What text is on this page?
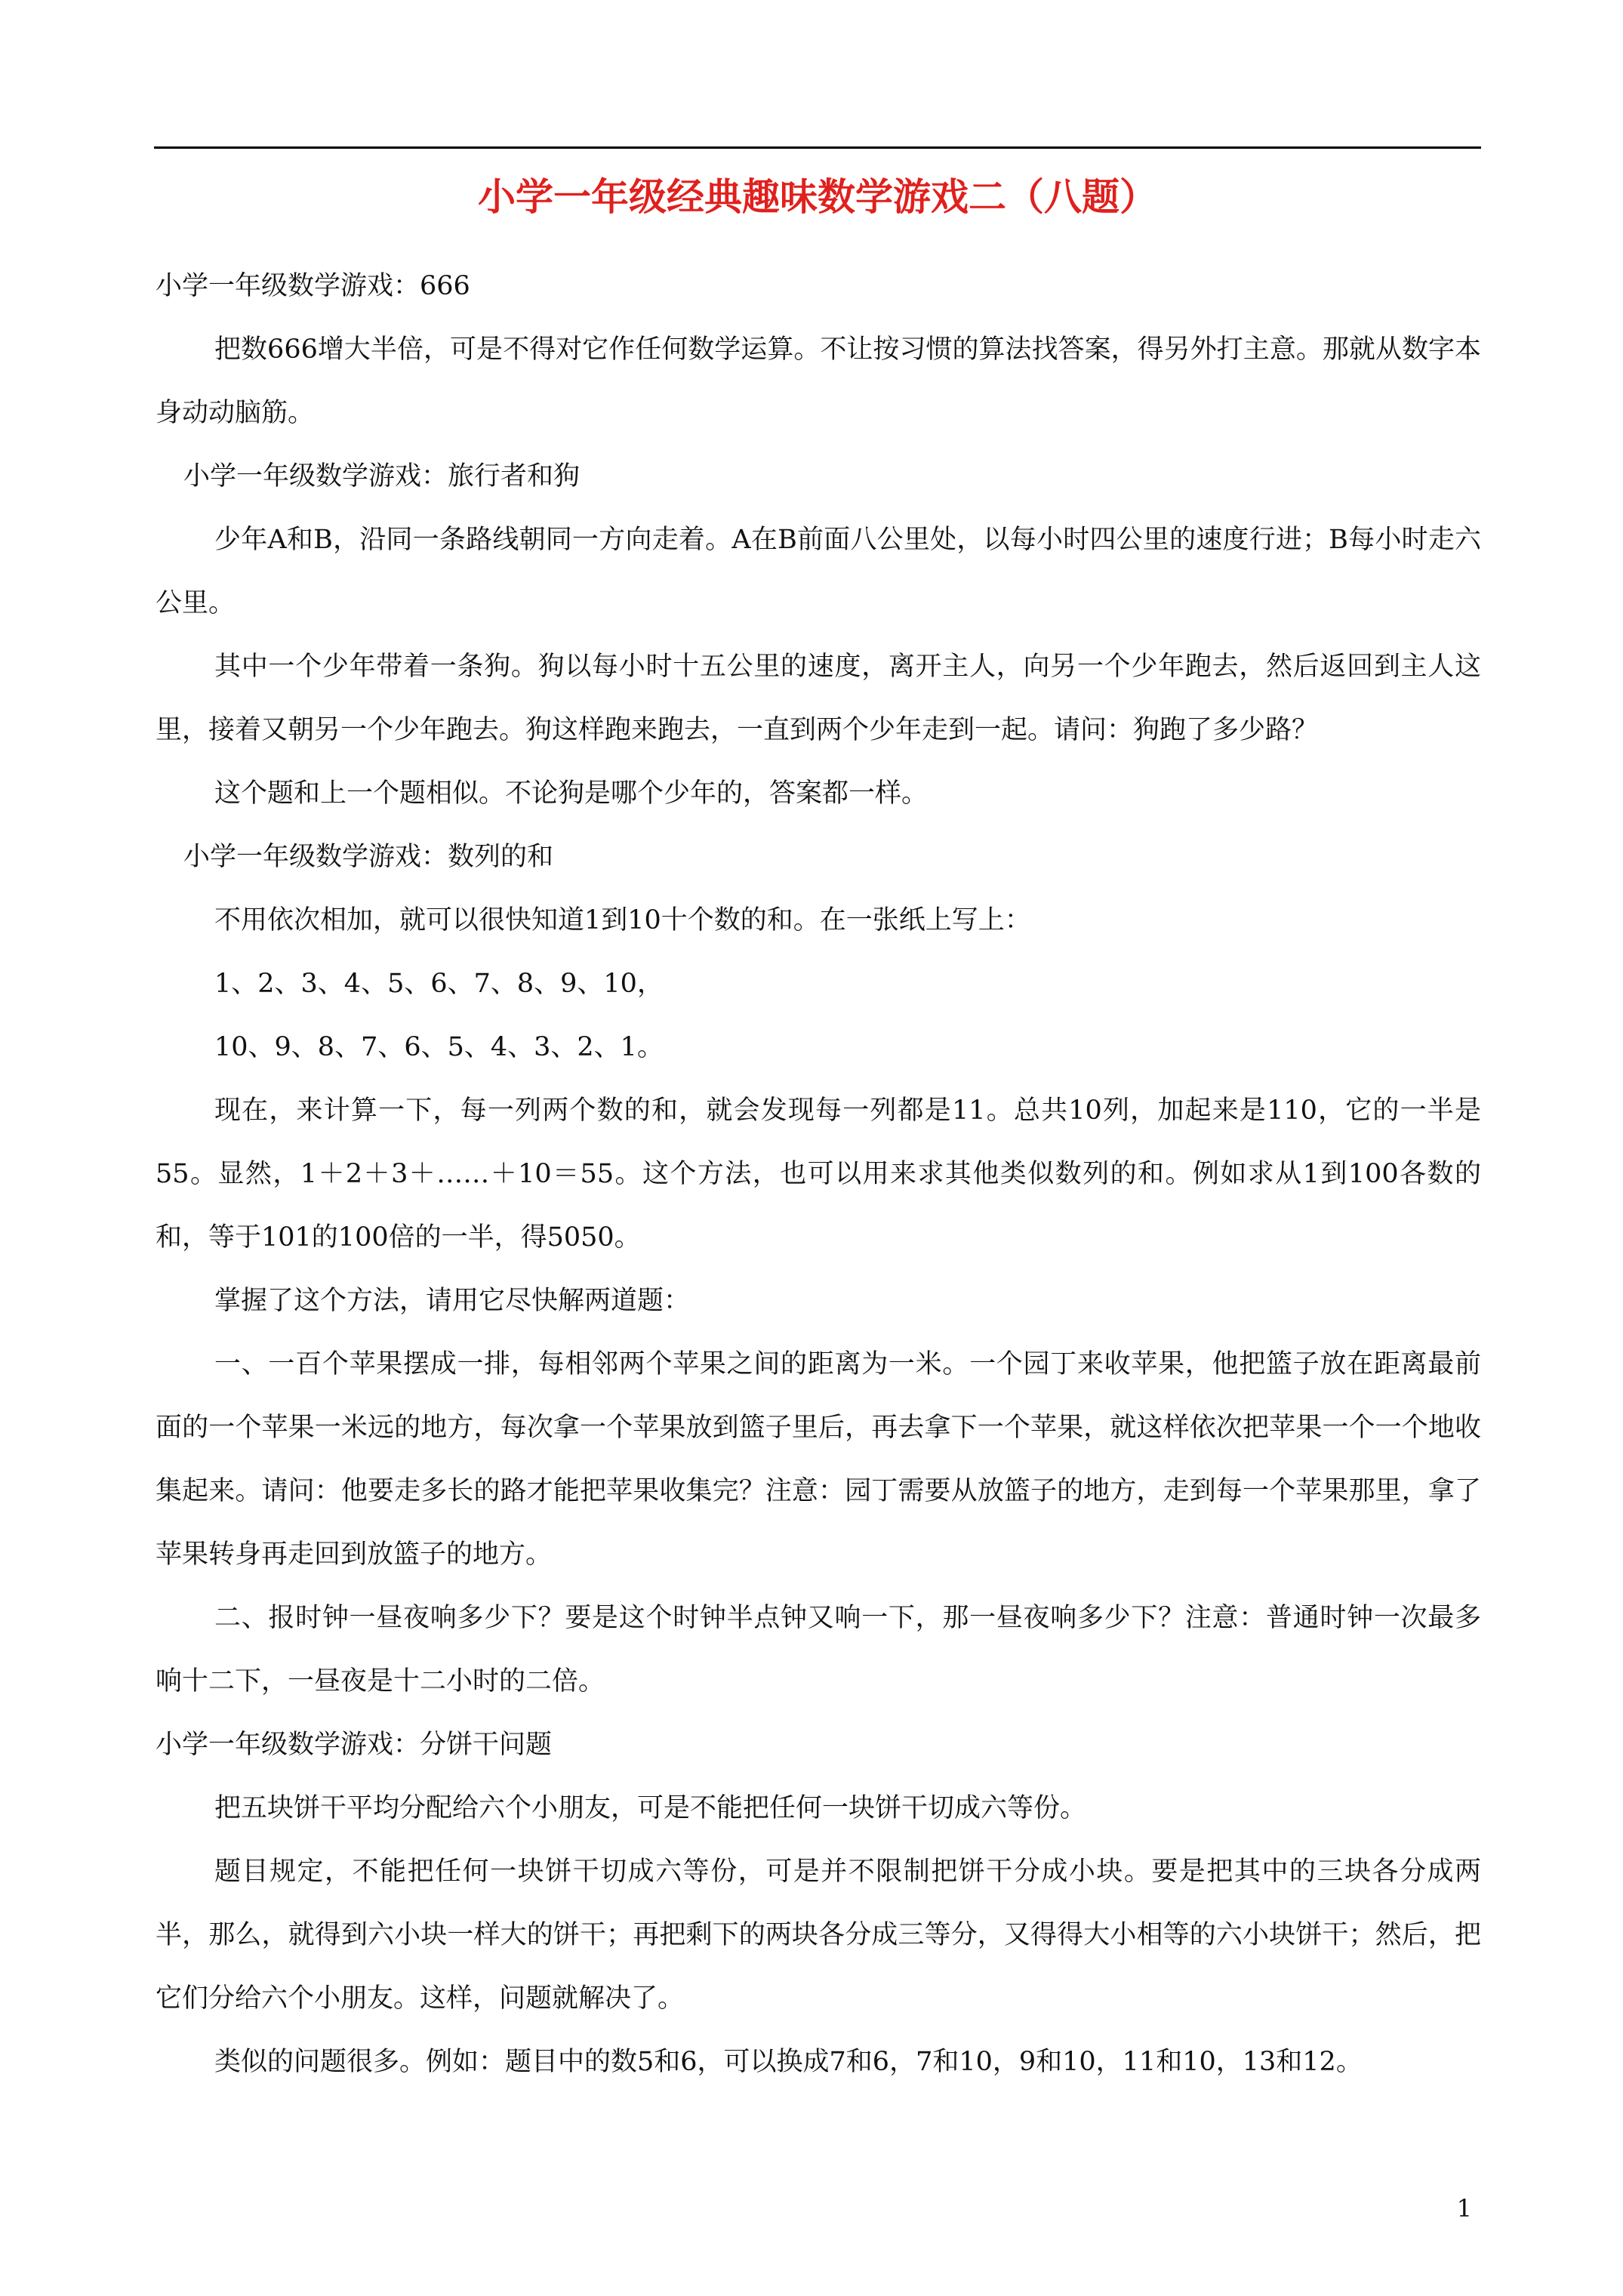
小学一年级经典趣味数学游戏二（八题）

小学一年级数学游戏：666

把数666增大半倍，可是不得对它作任何数学运算。不让按习惯的算法找答案，得另外打主意。那就从数字本身动动脑筋。

小学一年级数学游戏：旅行者和狗

少年A和B，沿同一条路线朝同一方向走着。A在B前面八公里处，以每小时四公里的速度行进；B每小时走六公里。

其中一个少年带着一条狗。狗以每小时十五公里的速度，离开主人，向另一个少年跑去，然后返回到主人这里，接着又朝另一个少年跑去。狗这样跑来跑去，一直到两个少年走到一起。请问：狗跑了多少路？

这个题和上一个题相似。不论狗是哪个少年的，答案都一样。

小学一年级数学游戏：数列的和

不用依次相加，就可以很快知道1到10十个数的和。在一张纸上写上：

1、2、3、4、5、6、7、8、9、10，

10、9、8、7、6、5、4、3、2、1。

现在，来计算一下，每一列两个数的和，就会发现每一列都是11。总共10列，加起来是110，它的一半是55。显然，1＋2＋3＋……＋10＝55。这个方法，也可以用来求其他类似数列的和。例如求从1到100各数的和，等于101的100倍的一半，得5050。

掌握了这个方法，请用它尽快解两道题：

一、一百个苹果摆成一排，每相邻两个苹果之间的距离为一米。一个园丁来收苹果，他把篮子放在距离最前面的一个苹果一米远的地方，每次拿一个苹果放到篮子里后，再去拿下一个苹果，就这样依次把苹果一个一个地收集起来。请问：他要走多长的路才能把苹果收集完？注意：园丁需要从放篮子的地方，走到每一个苹果那里，拿了苹果转身再走回到放篮子的地方。

二、报时钟一昼夜响多少下？要是这个时钟半点钟又响一下，那一昼夜响多少下？注意：普通时钟一次最多响十二下，一昼夜是十二小时的二倍。

小学一年级数学游戏：分饼干问题

把五块饼干平均分配给六个小朋友，可是不能把任何一块饼干切成六等份。

题目规定，不能把任何一块饼干切成六等份，可是并不限制把饼干分成小块。要是把其中的三块各分成两半，那么，就得到六小块一样大的饼干；再把剩下的两块各分成三等分，又得得大小相等的六小块饼干；然后，把它们分给六个小朋友。这样，问题就解决了。

类似的问题很多。例如：题目中的数5和6，可以换成7和6，7和10，9和10，11和10，13和12。

1
